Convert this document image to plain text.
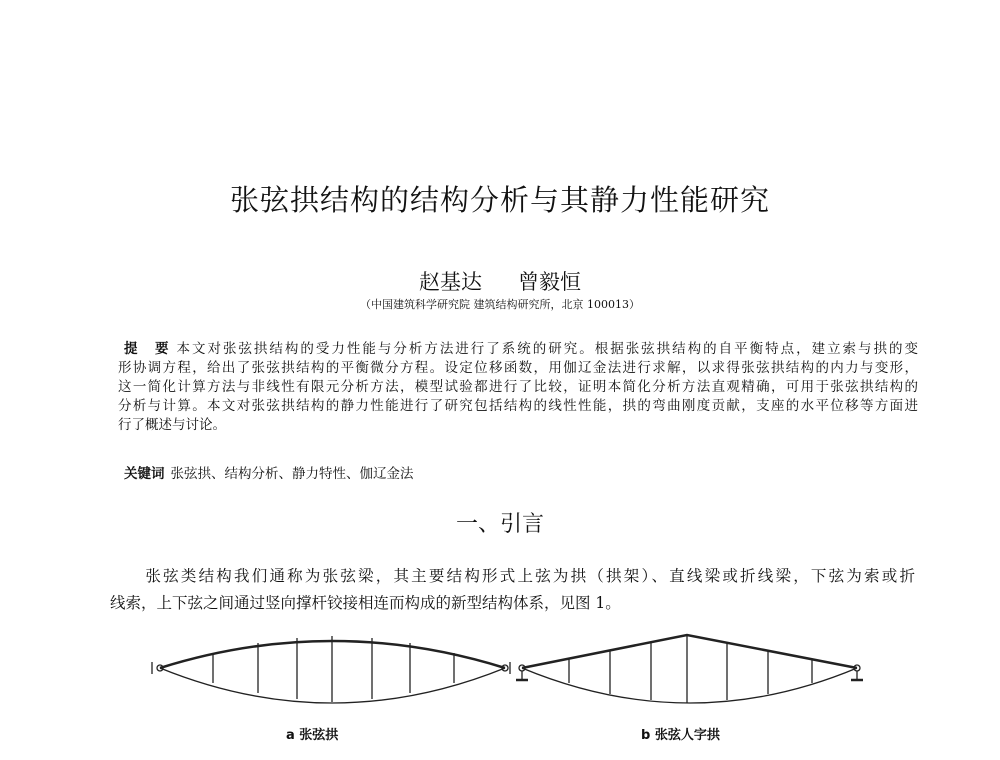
张弦拱结构的结构分析与其静力性能研究
赵基达 曾毅恒
（中国建筑科学研究院 建筑结构研究所，北京 100013）
提　要 本文对张弦拱结构的受力性能与分析方法进行了系统的研究。根据张弦拱结构的自平衡特点，建立索与拱的变
形协调方程，给出了张弦拱结构的平衡微分方程。设定位移函数，用伽辽金法进行求解，以求得张弦拱结构的内力与变形，
这一简化计算方法与非线性有限元分析方法，模型试验都进行了比较，证明本简化分析方法直观精确，可用于张弦拱结构的
分析与计算。本文对张弦拱结构的静力性能进行了研究包括结构的线性性能，拱的弯曲刚度贡献，支座的水平位移等方面进
行了概述与讨论。
关键词 张弦拱、结构分析、静力特性、伽辽金法
一、引言
　　张弦类结构我们通称为张弦梁，其主要结构形式上弦为拱（拱架）、直线梁或折线梁，下弦为索或折
线索，上下弦之间通过竖向撑杆铰接相连而构成的新型结构体系，见图 1。
a 张弦拱	b 张弦人字拱
